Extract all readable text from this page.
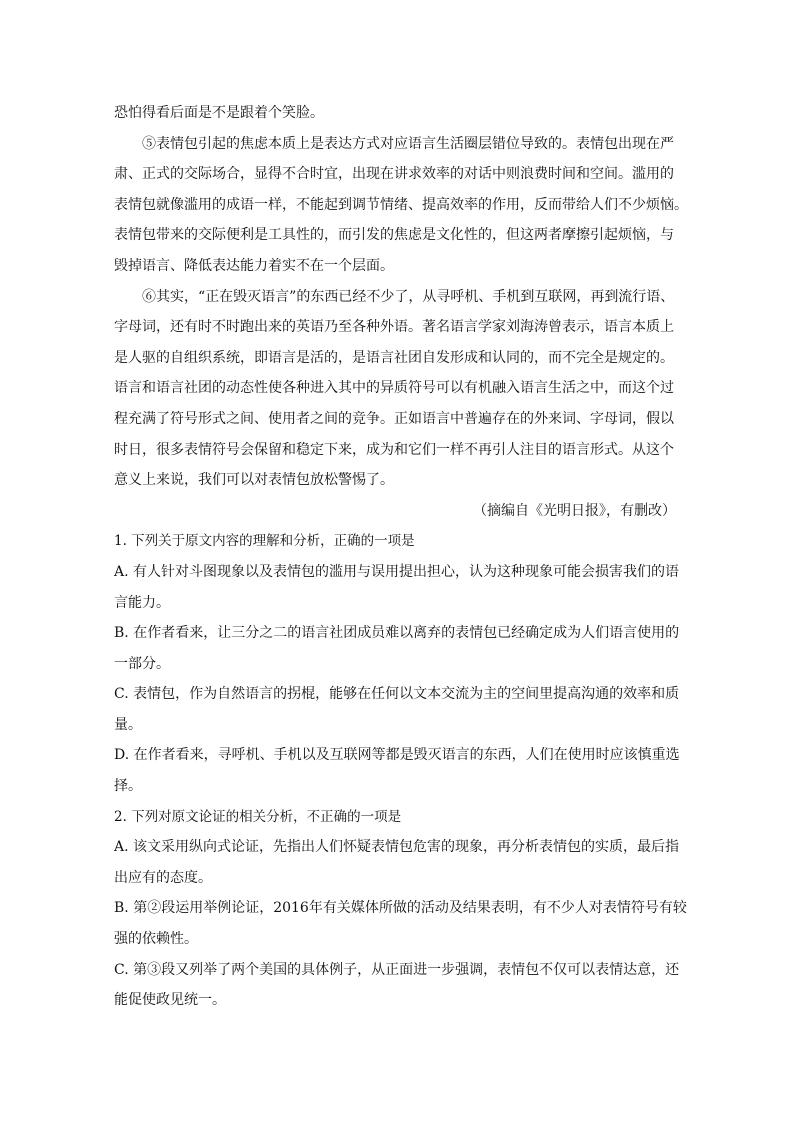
恐怕得看后面是不是跟着个笑脸。
⑤表情包引起的焦虑本质上是表达方式对应语言生活圈层错位导致的。表情包出现在严
肃、正式的交际场合，显得不合时宜，出现在讲求效率的对话中则浪费时间和空间。滥用的
表情包就像滥用的成语一样，不能起到调节情绪、提高效率的作用，反而带给人们不少烦恼。
表情包带来的交际便利是工具性的，而引发的焦虑是文化性的，但这两者摩擦引起烦恼，与
毁掉语言、降低表达能力着实不在一个层面。
⑥其实，“正在毁灭语言”的东西已经不少了，从寻呼机、手机到互联网，再到流行语、
字母词，还有时不时跑出来的英语乃至各种外语。著名语言学家刘海涛曾表示，语言本质上
是人驱的自组织系统，即语言是活的，是语言社团自发形成和认同的，而不完全是规定的。
语言和语言社团的动态性使各种进入其中的异质符号可以有机融入语言生活之中，而这个过
程充满了符号形式之间、使用者之间的竞争。正如语言中普遍存在的外来词、字母词，假以
时日，很多表情符号会保留和稳定下来，成为和它们一样不再引人注目的语言形式。从这个
意义上来说，我们可以对表情包放松警惕了。
（摘编自《光明日报》，有删改）
1. 下列关于原文内容的理解和分析，正确的一项是
A. 有人针对斗图现象以及表情包的滥用与误用提出担心，认为这种现象可能会损害我们的语
言能力。
B. 在作者看来，让三分之二的语言社团成员难以离弃的表情包已经确定成为人们语言使用的
一部分。
C. 表情包，作为自然语言的拐棍，能够在任何以文本交流为主的空间里提高沟通的效率和质
量。
D. 在作者看来，寻呼机、手机以及互联网等都是毁灭语言的东西，人们在使用时应该慎重选
择。
2. 下列对原文论证的相关分析，不正确的一项是
A. 该文采用纵向式论证，先指出人们怀疑表情包危害的现象，再分析表情包的实质，最后指
出应有的态度。
B. 第②段运用举例论证，2016年有关媒体所做的活动及结果表明，有不少人对表情符号有较
强的依赖性。
C. 第③段又列举了两个美国的具体例子，从正面进一步强调，表情包不仅可以表情达意，还
能促使政见统一。
